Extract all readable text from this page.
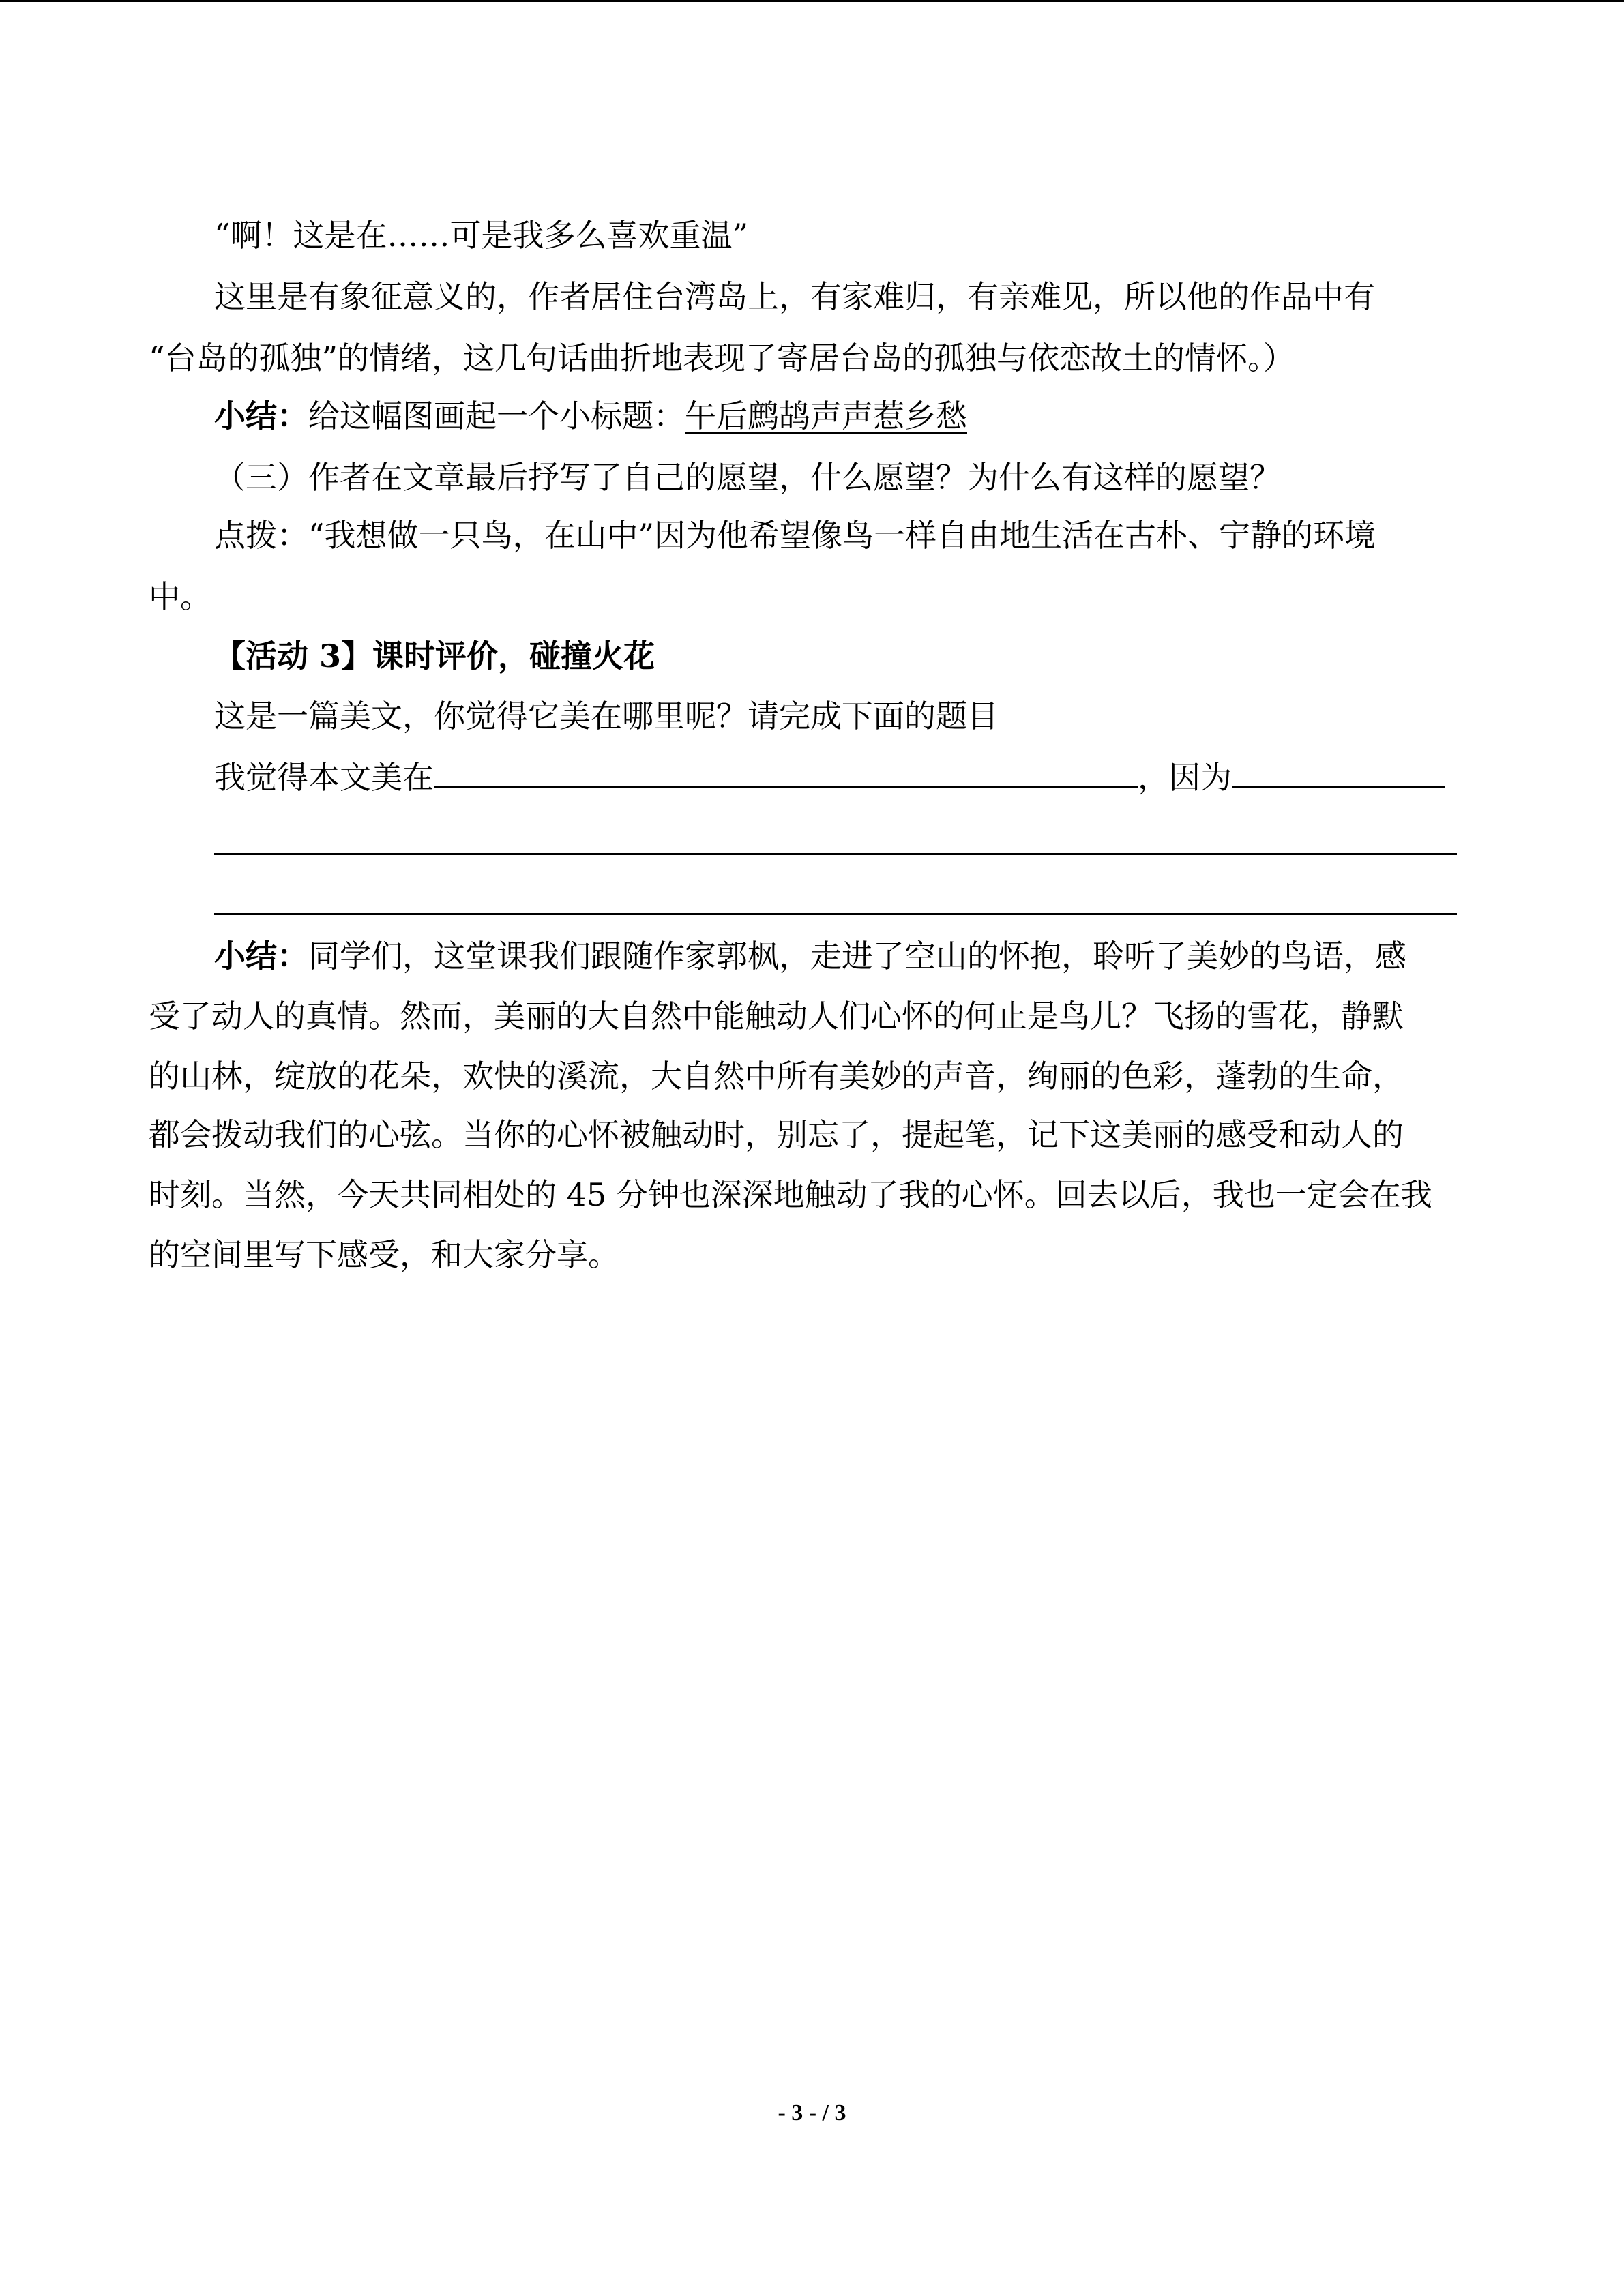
“啊！这是在……可是我多么喜欢重温”
这里是有象征意义的，作者居住台湾岛上，有家难归，有亲难见，所以他的作品中有
“台岛的孤独”的情绪，这几句话曲折地表现了寄居台岛的孤独与依恋故土的情怀。）
小结：给这幅图画起一个小标题：午后鹧鸪声声惹乡愁
（三）作者在文章最后抒写了自己的愿望，什么愿望？为什么有这样的愿望？
点拨：“我想做一只鸟，在山中”因为他希望像鸟一样自由地生活在古朴、宁静的环境
中。
【活动 3】课时评价，碰撞火花
这是一篇美文，你觉得它美在哪里呢？请完成下面的题目
我觉得本文美在	，因为
小结：同学们，这堂课我们跟随作家郭枫，走进了空山的怀抱，聆听了美妙的鸟语，感
受了动人的真情。然而，美丽的大自然中能触动人们心怀的何止是鸟儿？飞扬的雪花，静默
的山林，绽放的花朵，欢快的溪流，大自然中所有美妙的声音，绚丽的色彩，蓬勃的生命，
都会拨动我们的心弦。当你的心怀被触动时，别忘了，提起笔，记下这美丽的感受和动人的
时刻。当然，今天共同相处的 45 分钟也深深地触动了我的心怀。回去以后，我也一定会在我
的空间里写下感受，和大家分享。
- 3 - / 3
